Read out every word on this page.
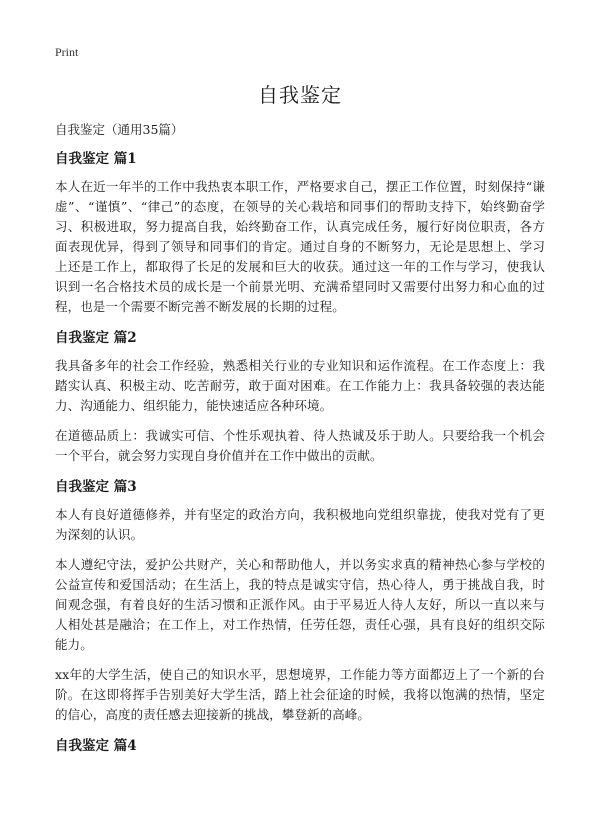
Print
自我鉴定
自我鉴定（通用35篇）
自我鉴定 篇1

本人在近一年半的工作中我热衷本职工作，严格要求自己，摆正工作位置，时刻保持“谦虚”、“谨慎”、“律己”的态度，在领导的关心栽培和同事们的帮助支持下，始终勤奋学习、积极进取，努力提高自我，始终勤奋工作，认真完成任务，履行好岗位职责，各方面表现优异，得到了领导和同事们的肯定。通过自身的不断努力，无论是思想上、学习上还是工作上，都取得了长足的发展和巨大的收获。通过这一年的工作与学习，使我认识到一名合格技术员的成长是一个前景光明、充满希望同时又需要付出努力和心血的过程，也是一个需要不断完善不断发展的长期的过程。

自我鉴定 篇2

我具备多年的社会工作经验，熟悉相关行业的专业知识和运作流程。在工作态度上：我踏实认真、积极主动、吃苦耐劳，敢于面对困难。在工作能力上：我具备较强的表达能力、沟通能力、组织能力，能快速适应各种环境。

在道德品质上：我诚实可信、个性乐观执着、待人热诚及乐于助人。只要给我一个机会一个平台，就会努力实现自身价值并在工作中做出的贡献。

自我鉴定 篇3

本人有良好道德修养，并有坚定的政治方向，我积极地向党组织靠拢，使我对党有了更为深刻的认识。

本人遵纪守法，爱护公共财产，关心和帮助他人，并以务实求真的精神热心参与学校的公益宣传和爱国活动；在生活上，我的特点是诚实守信，热心待人，勇于挑战自我，时间观念强，有着良好的生活习惯和正派作风。由于平易近人待人友好，所以一直以来与人相处甚是融洽；在工作上，对工作热情，任劳任怨，责任心强，具有良好的组织交际能力。

xx年的大学生活，使自己的知识水平，思想境界，工作能力等方面都迈上了一个新的台阶。在这即将挥手告别美好大学生活，踏上社会征途的时候，我将以饱满的热情，坚定的信心，高度的责任感去迎接新的挑战，攀登新的高峰。

自我鉴定 篇4
